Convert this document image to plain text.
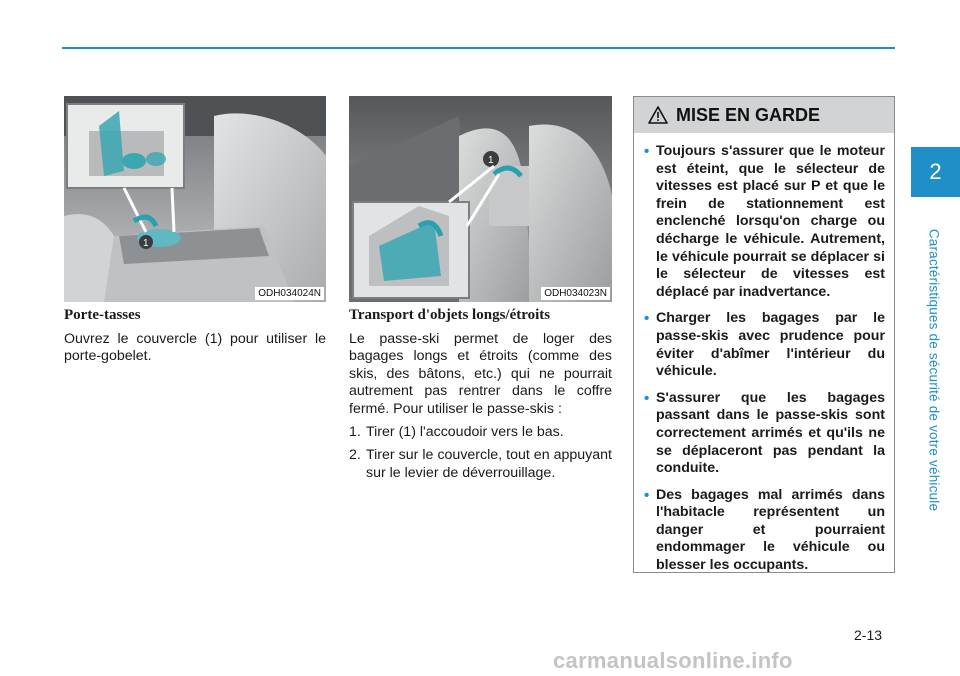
2
Caractéristiques de sécurité de votre véhicule
1
ODH034024N
1
ODH034023N
Porte-tasses

Ouvrez le couvercle (1) pour utiliser le porte-gobelet.

Transport d'objets longs/étroits

Le passe-ski permet de loger des bagages longs et étroits (comme des skis, des bâtons, etc.) qui ne pourrait autrement pas rentrer dans le coffre fermé. Pour utiliser le passe-skis :

1. Tirer (1) l'accoudoir vers le bas.
2. Tirer sur le couvercle, tout en appuyant sur le levier de déverrouillage.
MISE EN GARDE
• Toujours s'assurer que le moteur est éteint, que le sélecteur de vitesses est placé sur P et que le frein de stationnement est enclenché lorsqu'on charge ou décharge le véhicule. Autrement, le véhicule pourrait se déplacer si le sélecteur de vitesses est déplacé par inadvertance.
• Charger les bagages par le passe-skis avec prudence pour éviter d'abîmer l'intérieur du véhicule.
• S'assurer que les bagages passant dans le passe-skis sont correctement arrimés et qu'ils ne se déplaceront pas pendant la conduite.
• Des bagages mal arrimés dans l'habitacle représentent un danger et pourraient endommager le véhicule ou blesser les occupants.
2-13
carmanualsonline.info
